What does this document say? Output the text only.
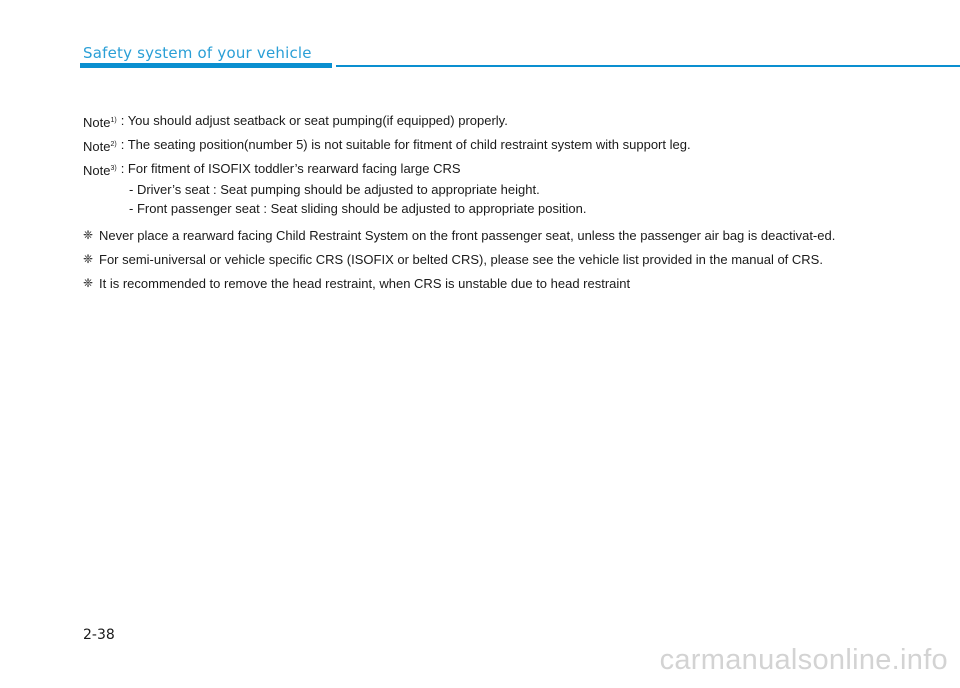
Safety system of your vehicle
Note$^{1)}$ : You should adjust seatback or seat pumping(if equipped) properly.
Note$^{2)}$ : The seating position(number 5) is not suitable for fitment of child restraint system with support leg.
Note$^{3)}$ : For fitment of ISOFIX toddler’s rearward facing large CRS
- Driver’s seat : Seat pumping should be adjusted to appropriate height.
- Front passenger seat : Seat sliding should be adjusted to appropriate position.
❈ Never place a rearward facing Child Restraint System on the front passenger seat, unless the passenger air bag is deactivat-ed.
❈ For semi-universal or vehicle specific CRS (ISOFIX or belted CRS), please see the vehicle list provided in the manual of CRS.
❈ It is recommended to remove the head restraint, when CRS is unstable due to head restraint
2-38
carmanualsonline.info
